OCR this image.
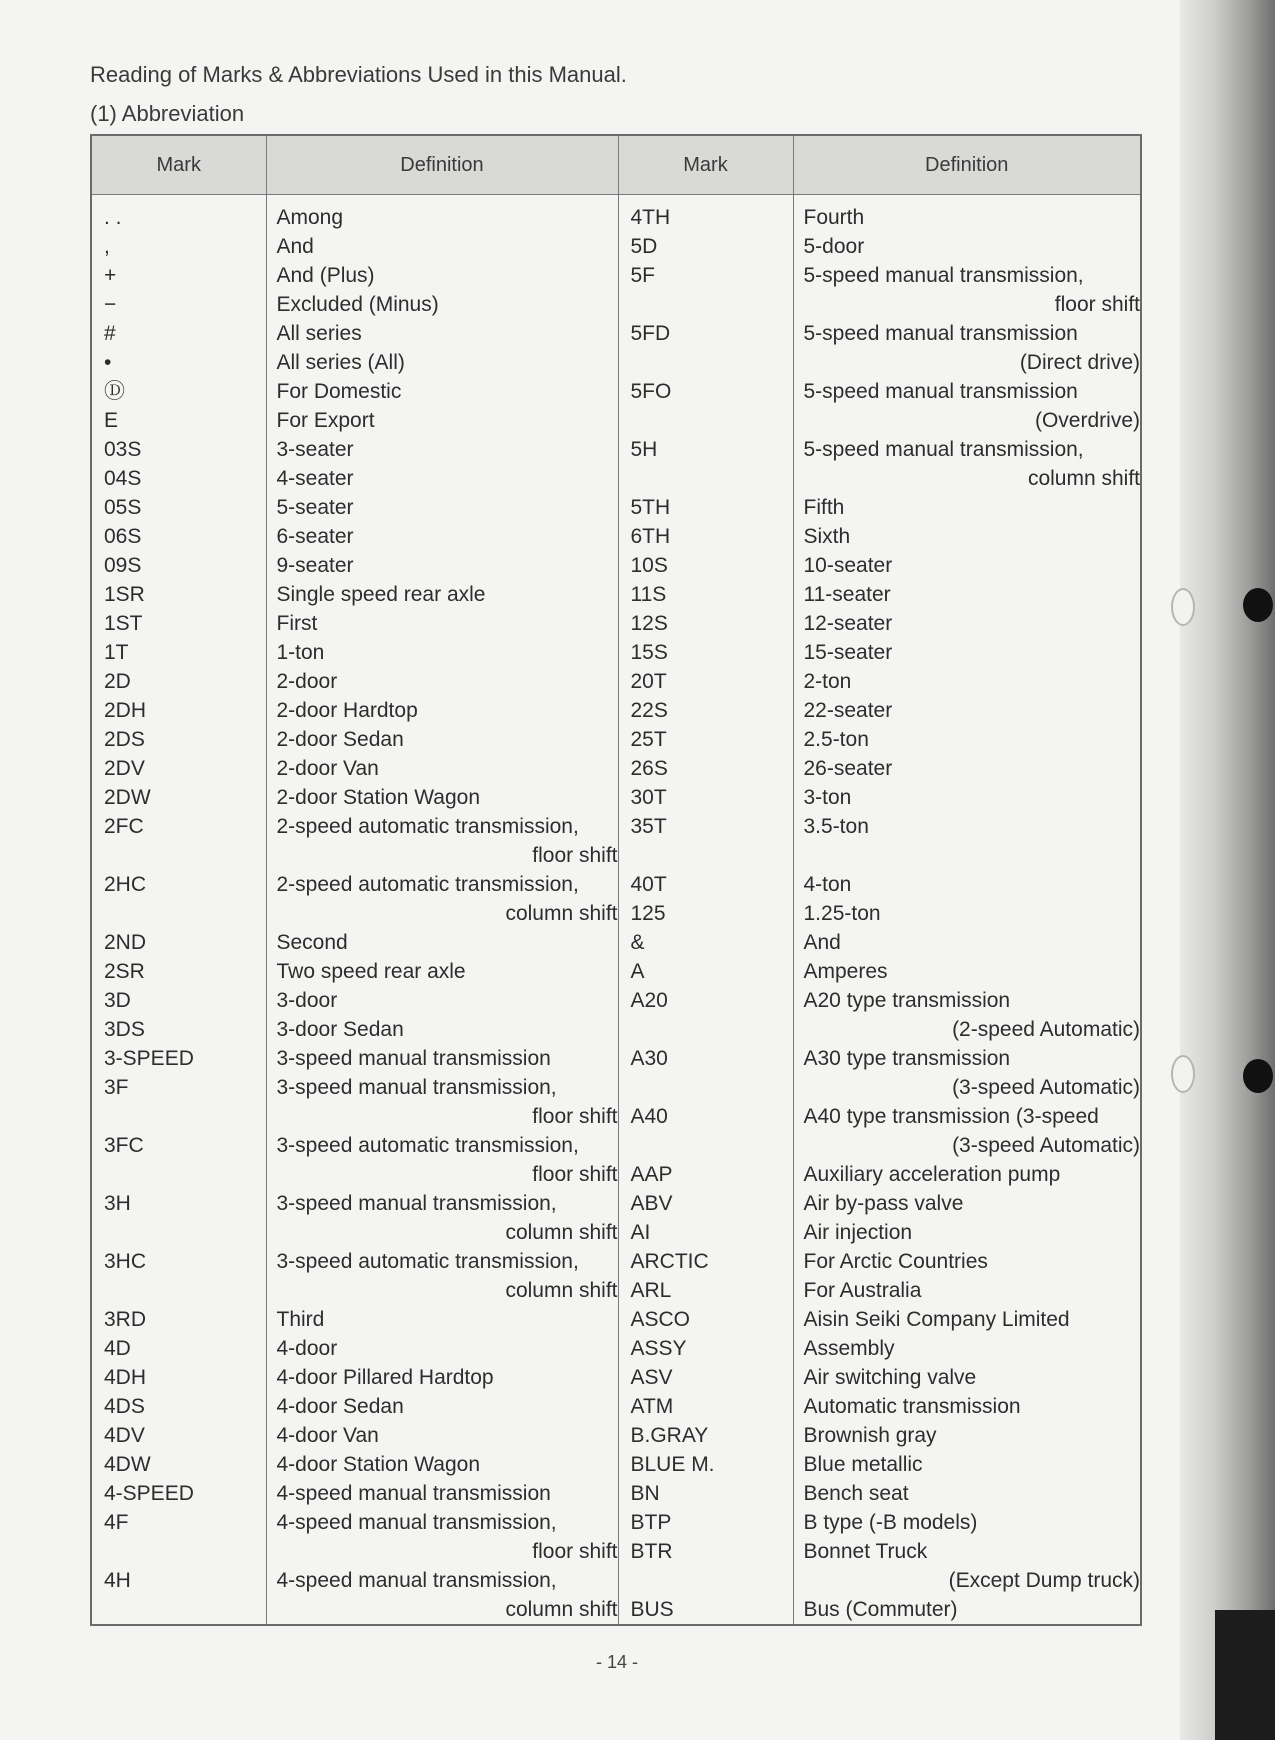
Reading of Marks & Abbreviations Used in this Manual.
(1) Abbreviation
Mark	Definition	Mark	Definition
. .	Among	4TH	Fourth
,	And	5D	5-door
+	And (Plus)	5F	5-speed manual transmission,
−	Excluded (Minus)		floor shift
#	All series	5FD	5-speed manual transmission
•	All series (All)		(Direct drive)
Ⓓ	For Domestic	5FO	5-speed manual transmission
E	For Export		(Overdrive)
03S	3-seater	5H	5-speed manual transmission,
04S	4-seater		column shift
05S	5-seater	5TH	Fifth
06S	6-seater	6TH	Sixth
09S	9-seater	10S	10-seater
1SR	Single speed rear axle	11S	11-seater
1ST	First	12S	12-seater
1T	1-ton	15S	15-seater
2D	2-door	20T	2-ton
2DH	2-door Hardtop	22S	22-seater
2DS	2-door Sedan	25T	2.5-ton
2DV	2-door Van	26S	26-seater
2DW	2-door Station Wagon	30T	3-ton
2FC	2-speed automatic transmission,	35T	3.5-ton
	floor shift		
2HC	2-speed automatic transmission,	40T	4-ton
	column shift	125	1.25-ton
2ND	Second	&	And
2SR	Two speed rear axle	A	Amperes
3D	3-door	A20	A20 type transmission
3DS	3-door Sedan		(2-speed Automatic)
3-SPEED	3-speed manual transmission	A30	A30 type transmission
3F	3-speed manual transmission,		(3-speed Automatic)
	floor shift	A40	A40 type transmission (3-speed
3FC	3-speed automatic transmission,		(3-speed Automatic)
	floor shift	AAP	Auxiliary acceleration pump
3H	3-speed manual transmission,	ABV	Air by-pass valve
	column shift	AI	Air injection
3HC	3-speed automatic transmission,	ARCTIC	For Arctic Countries
	column shift	ARL	For Australia
3RD	Third	ASCO	Aisin Seiki Company Limited
4D	4-door	ASSY	Assembly
4DH	4-door Pillared Hardtop	ASV	Air switching valve
4DS	4-door Sedan	ATM	Automatic transmission
4DV	4-door Van	B.GRAY	Brownish gray
4DW	4-door Station Wagon	BLUE M.	Blue metallic
4-SPEED	4-speed manual transmission	BN	Bench seat
4F	4-speed manual transmission,	BTP	B type (-B models)
	floor shift	BTR	Bonnet Truck
4H	4-speed manual transmission,		(Except Dump truck)
	column shift	BUS	Bus (Commuter)
- 14 -
